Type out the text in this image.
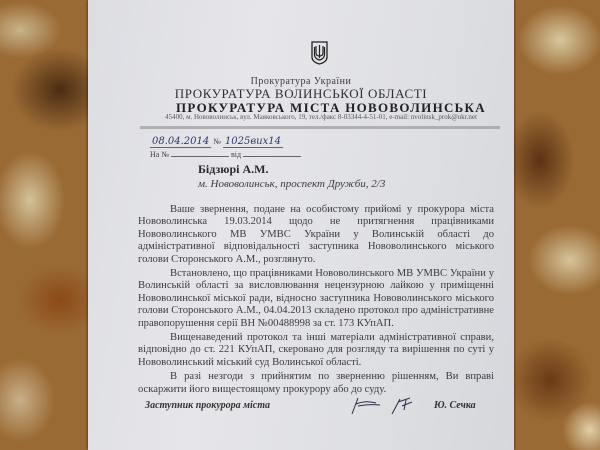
Прокуратура України
ПРОКУРАТУРА ВОЛИНСЬКОЇ ОБЛАСТІ
ПРОКУРАТУРА МІСТА НОВОВОЛИНСЬКА
45400, м. Нововолинськ, вул. Маяковського, 19, тел./факс 8-03344-4-51-01, e-mail: nvolinsk_prok@ukr.net
08.04.2014 № 1025вих14
На №	від
Бідзюрі А.М.
м. Нововолинськ, проспект Дружби, 2/3

Ваше звернення, подане на особистому прийомі у прокурора міста Нововолинська 19.03.2014 щодо не притягнення працівниками Нововолинського МВ УМВС України у Волинській області до адміністративної відповідальності заступника Нововолинського міського голови Сторонського А.М., розглянуто.

Встановлено, що працівниками Нововолинського МВ УМВС України у Волинській області за висловлювання нецензурною лайкою у приміщенні Нововолинської міської ради, відносно заступника Нововолинського міського голови Сторонського А.М., 04.04.2013 складено протокол про адміністративне правопорушення серії ВН №00488998 за ст. 173 КУпАП.

Вищенаведений протокол та інші матеріали адміністративної справи, відповідно до ст. 221 КУпАП, скеровано для розгляду та вирішення по суті у Нововолинський міський суд Волинської області.

В разі незгоди з прийнятим по зверненню рішенням, Ви вправі оскаржити його вищестоящому прокурору або до суду.

Заступник прокурора міста	Ю. Сечка
